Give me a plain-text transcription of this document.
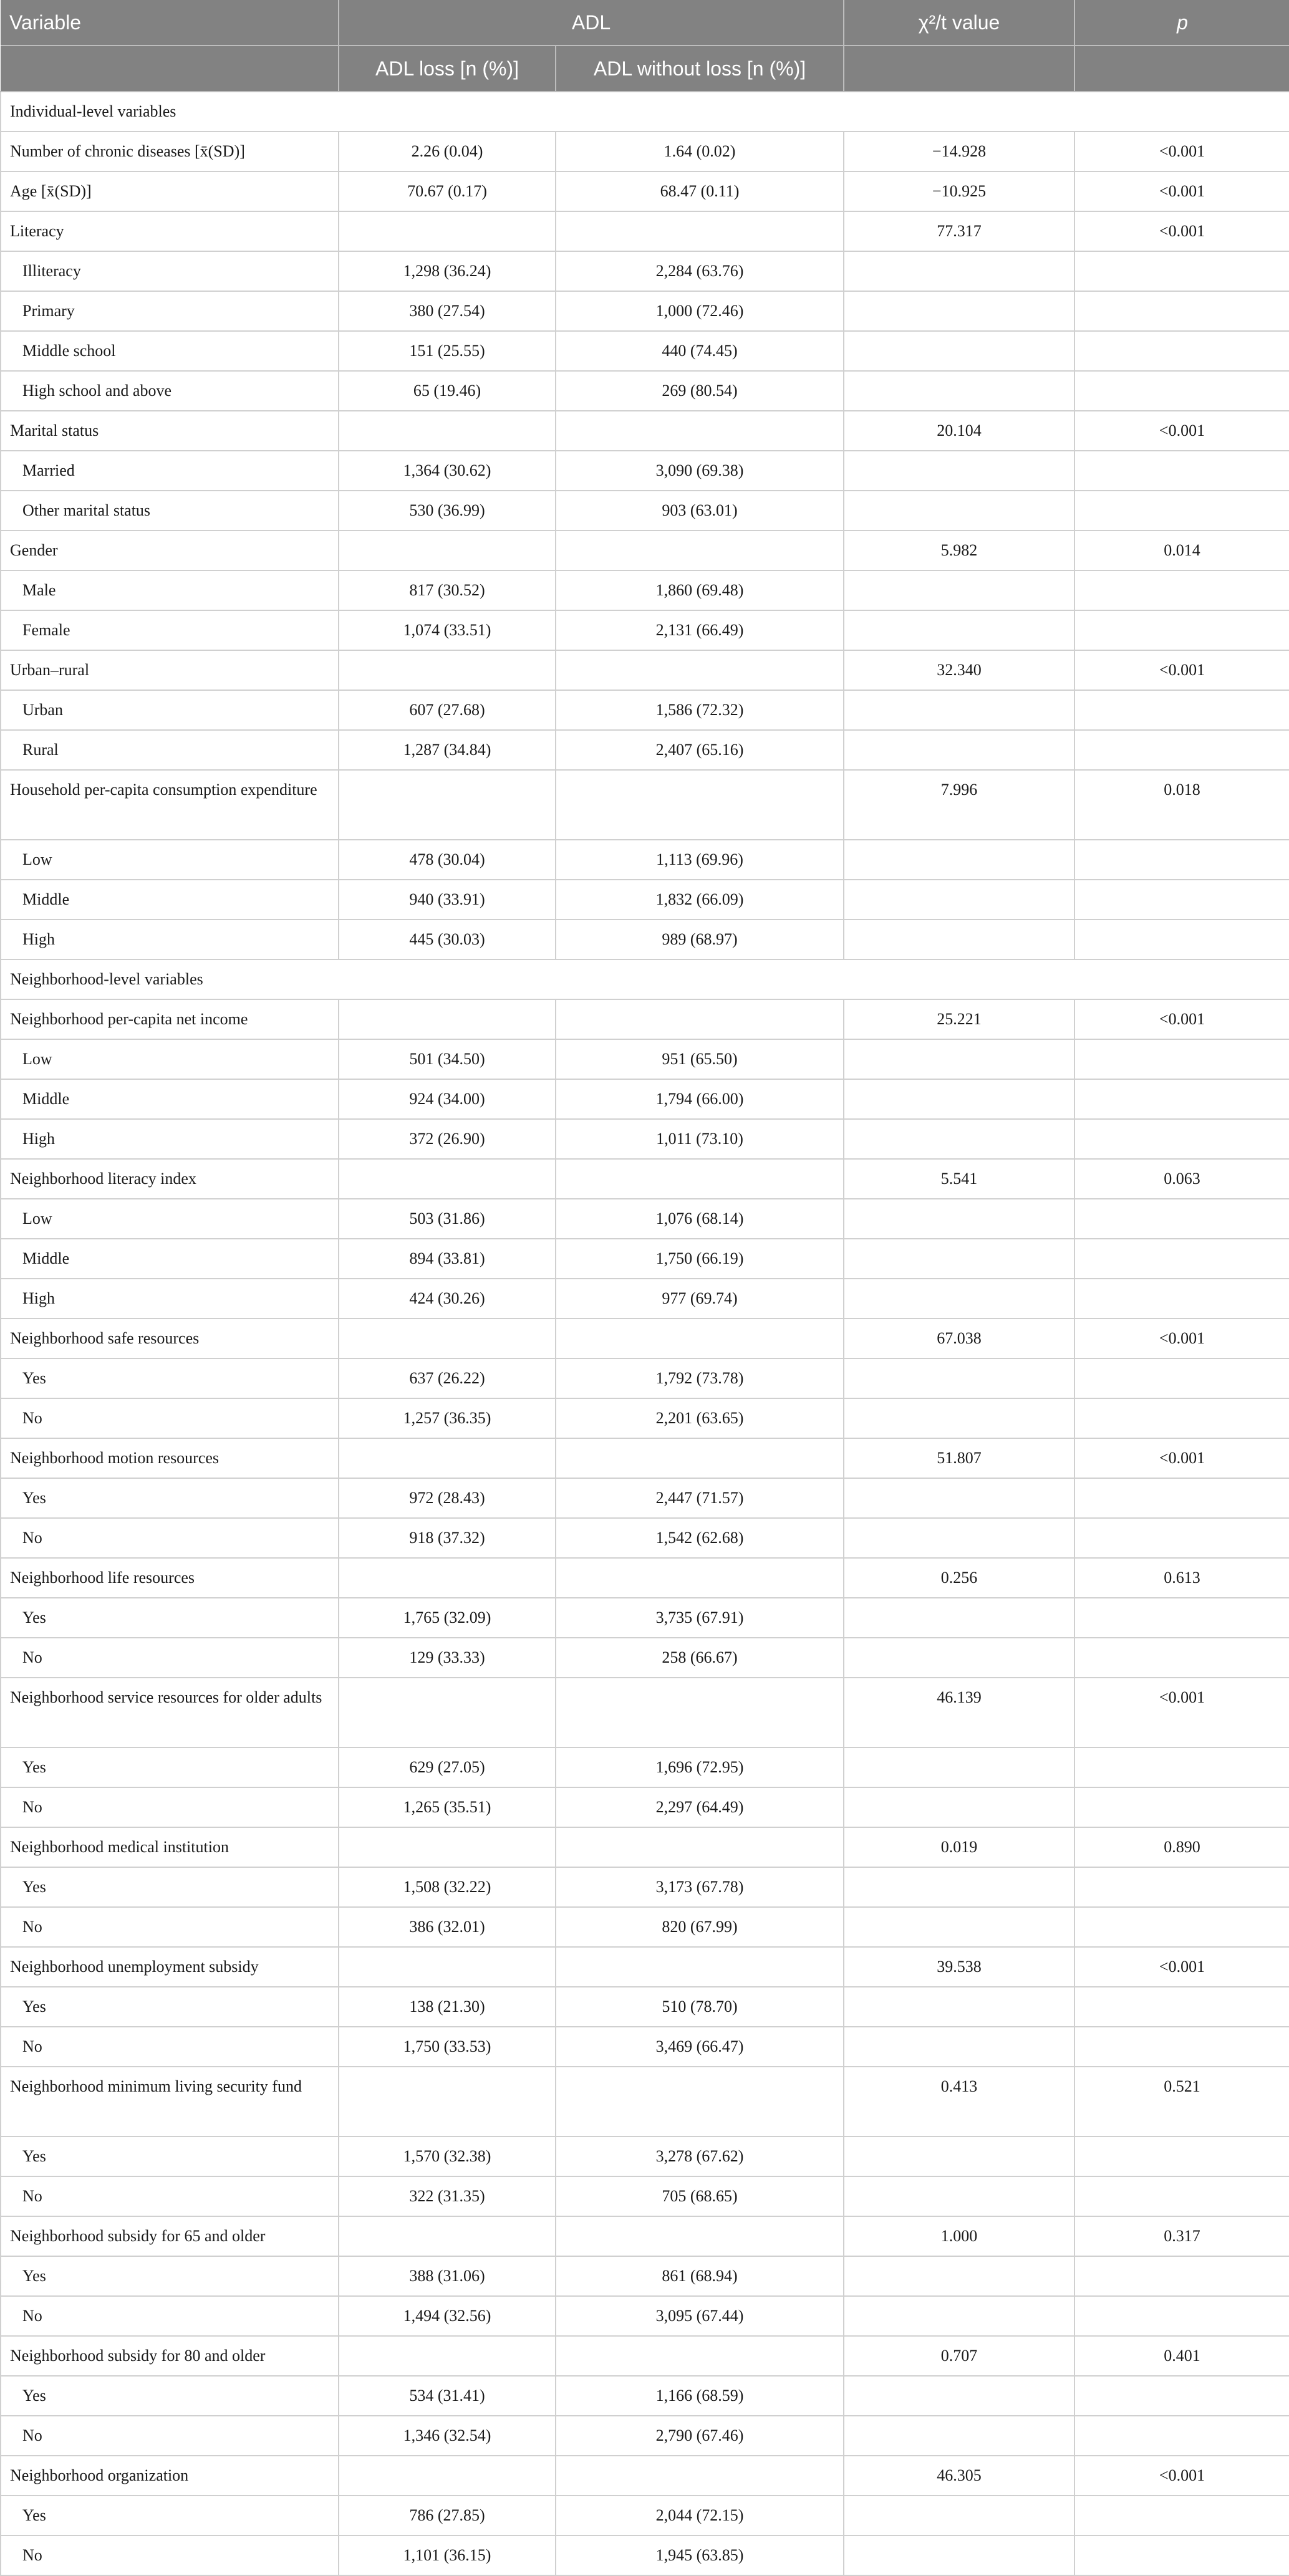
Variable	ADL		χ²/t value	p
	ADL loss [n (%)]	ADL without loss [n (%)]		
Individual-level variables				
Number of chronic diseases [x̄(SD)]	2.26 (0.04)	1.64 (0.02)	−14.928	<0.001
Age [x̄(SD)]	70.67 (0.17)	68.47 (0.11)	−10.925	<0.001
Literacy			77.317	<0.001
Illiteracy	1,298 (36.24)	2,284 (63.76)		
Primary	380 (27.54)	1,000 (72.46)		
Middle school	151 (25.55)	440 (74.45)		
High school and above	65 (19.46)	269 (80.54)		
Marital status			20.104	<0.001
Married	1,364 (30.62)	3,090 (69.38)		
Other marital status	530 (36.99)	903 (63.01)		
Gender			5.982	0.014
Male	817 (30.52)	1,860 (69.48)		
Female	1,074 (33.51)	2,131 (66.49)		
Urban–rural			32.340	<0.001
Urban	607 (27.68)	1,586 (72.32)		
Rural	1,287 (34.84)	2,407 (65.16)		
Household per-capita consumption expenditure			7.996	0.018
Low	478 (30.04)	1,113 (69.96)		
Middle	940 (33.91)	1,832 (66.09)		
High	445 (30.03)	989 (68.97)		
Neighborhood-level variables				
Neighborhood per-capita net income			25.221	<0.001
Low	501 (34.50)	951 (65.50)		
Middle	924 (34.00)	1,794 (66.00)		
High	372 (26.90)	1,011 (73.10)		
Neighborhood literacy index			5.541	0.063
Low	503 (31.86)	1,076 (68.14)		
Middle	894 (33.81)	1,750 (66.19)		
High	424 (30.26)	977 (69.74)		
Neighborhood safe resources			67.038	<0.001
Yes	637 (26.22)	1,792 (73.78)		
No	1,257 (36.35)	2,201 (63.65)		
Neighborhood motion resources			51.807	<0.001
Yes	972 (28.43)	2,447 (71.57)		
No	918 (37.32)	1,542 (62.68)		
Neighborhood life resources			0.256	0.613
Yes	1,765 (32.09)	3,735 (67.91)		
No	129 (33.33)	258 (66.67)		
Neighborhood service resources for older adults			46.139	<0.001
Yes	629 (27.05)	1,696 (72.95)		
No	1,265 (35.51)	2,297 (64.49)		
Neighborhood medical institution			0.019	0.890
Yes	1,508 (32.22)	3,173 (67.78)		
No	386 (32.01)	820 (67.99)		
Neighborhood unemployment subsidy			39.538	<0.001
Yes	138 (21.30)	510 (78.70)		
No	1,750 (33.53)	3,469 (66.47)		
Neighborhood minimum living security fund			0.413	0.521
Yes	1,570 (32.38)	3,278 (67.62)		
No	322 (31.35)	705 (68.65)		
Neighborhood subsidy for 65 and older			1.000	0.317
Yes	388 (31.06)	861 (68.94)		
No	1,494 (32.56)	3,095 (67.44)		
Neighborhood subsidy for 80 and older			0.707	0.401
Yes	534 (31.41)	1,166 (68.59)		
No	1,346 (32.54)	2,790 (67.46)		
Neighborhood organization			46.305	<0.001
Yes	786 (27.85)	2,044 (72.15)		
No	1,101 (36.15)	1,945 (63.85)		
